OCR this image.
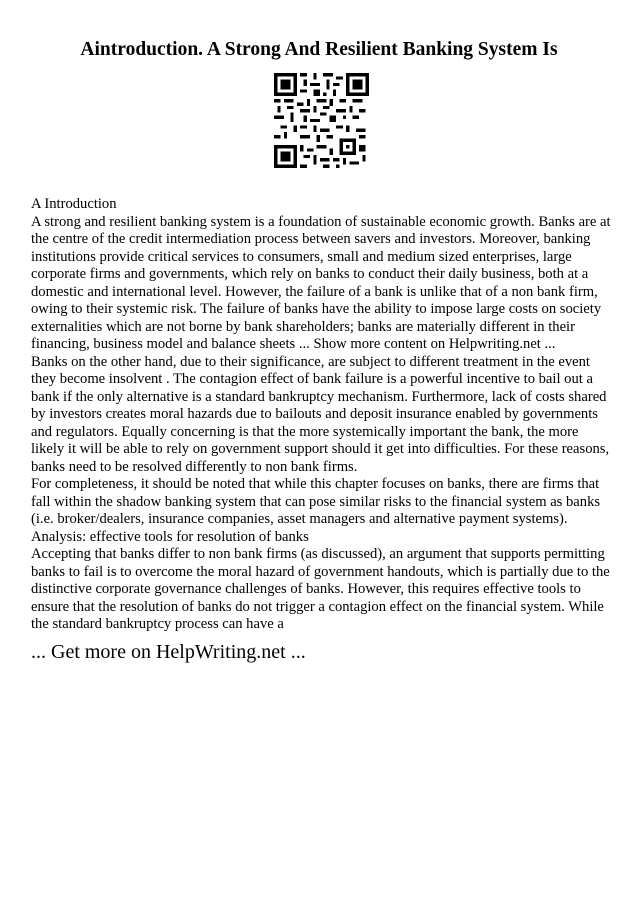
Aintroduction. A Strong And Resilient Banking System Is

A Introduction

A strong and resilient banking system is a foundation of sustainable economic growth. Banks are at the centre of the credit intermediation process between savers and investors. Moreover, banking institutions provide critical services to consumers, small and medium sized enterprises, large corporate firms and governments, which rely on banks to conduct their daily business, both at a domestic and international level. However, the failure of a bank is unlike that of a non bank firm, owing to their systemic risk. The failure of banks have the ability to impose large costs on society externalities which are not borne by bank shareholders; banks are materially different in their financing, business model and balance sheets ... Show more content on Helpwriting.net ...

Banks on the other hand, due to their significance, are subject to different treatment in the event they become insolvent . The contagion effect of bank failure is a powerful incentive to bail out a bank if the only alternative is a standard bankruptcy mechanism. Furthermore, lack of costs shared by investors creates moral hazards due to bailouts and deposit insurance enabled by governments and regulators. Equally concerning is that the more systemically important the bank, the more likely it will be able to rely on government support should it get into difficulties. For these reasons, banks need to be resolved differently to non bank firms.

For completeness, it should be noted that while this chapter focuses on banks, there are firms that fall within the shadow banking system that can pose similar risks to the financial system as banks (i.e. broker/dealers, insurance companies, asset managers and alternative payment systems).

Analysis: effective tools for resolution of banks

Accepting that banks differ to non bank firms (as discussed), an argument that supports permitting banks to fail is to overcome the moral hazard of government handouts, which is partially due to the distinctive corporate governance challenges of banks. However, this requires effective tools to ensure that the resolution of banks do not trigger a contagion effect on the financial system. While the standard bankruptcy process can have a

... Get more on HelpWriting.net ...
